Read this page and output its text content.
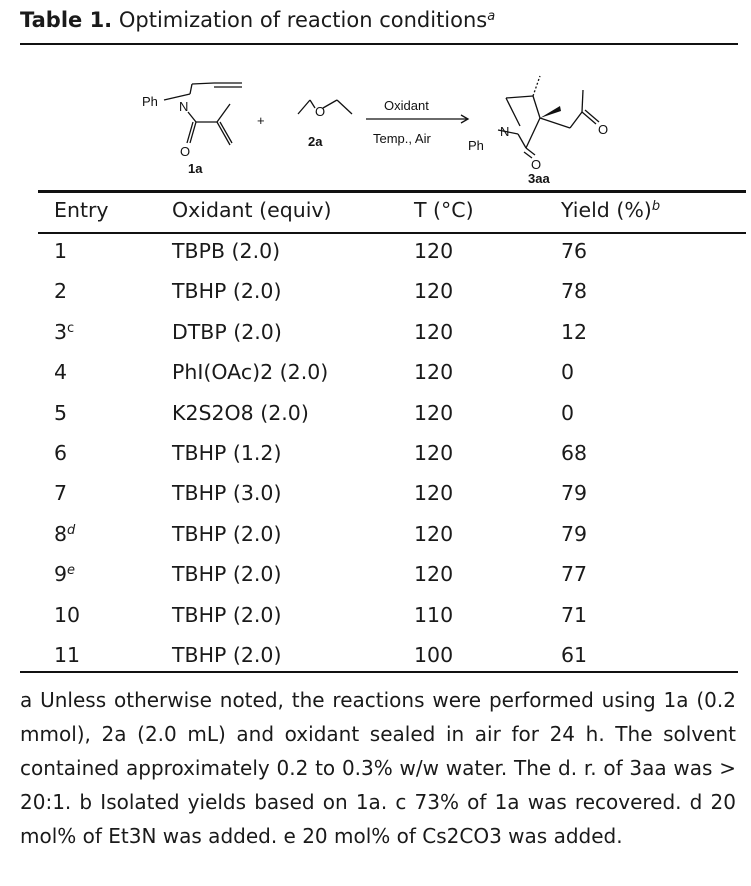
Table 1. Optimization of reaction conditions$^a$
Ph N
O
1a
+
O
2a
Oxidant
Temp., Air	Ph
N
O
O
3aa
Entry	Oxidant (equiv)	T (°C)	Yield (%)$^b$
1	TBPB (2.0)	120	76
2	TBHP (2.0)	120	78
3$^c$	DTBP (2.0)	120	12
4	PhI(OAc)2 (2.0)	120	0
5	K2S2O8 (2.0)	120	0
6	TBHP (1.2)	120	68
7	TBHP (3.0)	120	79
8$^d$	TBHP (2.0)	120	79
9e	TBHP (2.0)	120	77
10	TBHP (2.0)	110	71
11	TBHP (2.0)	100	61
a Unless otherwise noted, the reactions were performed using 1a (0.2 mmol), 2a (2.0 mL) and oxidant sealed in air for 24 h. The solvent contained approximately 0.2 to 0.3% w/w water. The d. r. of 3aa was > 20:1. b Isolated yields based on 1a. c 73% of 1a was recovered. d 20 mol% of Et3N was added. e 20 mol% of Cs2CO3 was added.
